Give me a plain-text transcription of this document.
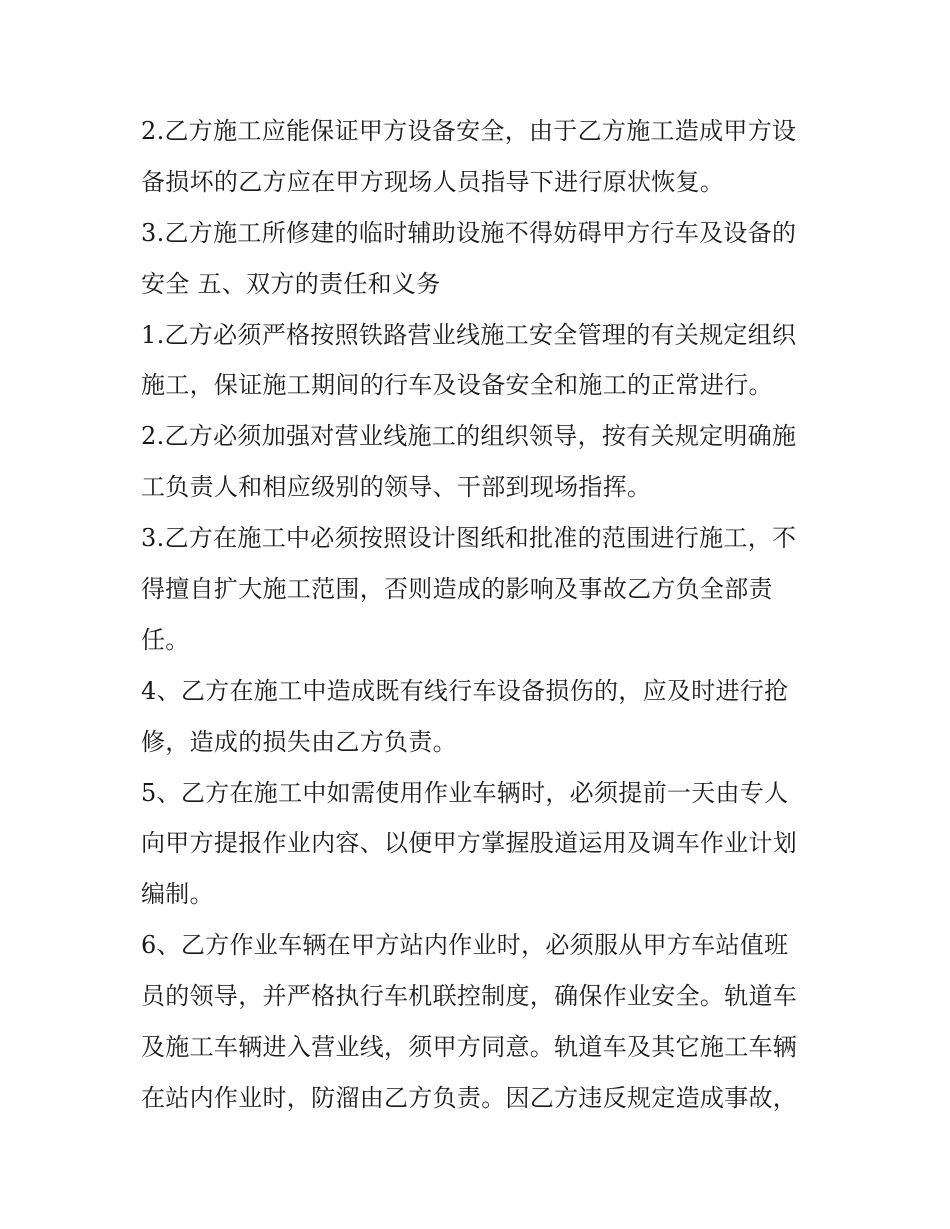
2.乙方施工应能保证甲方设备安全，由于乙方施工造成甲方设
备损坏的乙方应在甲方现场人员指导下进行原状恢复。
3.乙方施工所修建的临时辅助设施不得妨碍甲方行车及设备的
安全 五、双方的责任和义务
1.乙方必须严格按照铁路营业线施工安全管理的有关规定组织
施工，保证施工期间的行车及设备安全和施工的正常进行。
2.乙方必须加强对营业线施工的组织领导，按有关规定明确施
工负责人和相应级别的领导、干部到现场指挥。
3.乙方在施工中必须按照设计图纸和批准的范围进行施工，不
得擅自扩大施工范围，否则造成的影响及事故乙方负全部责
任。
4、乙方在施工中造成既有线行车设备损伤的，应及时进行抢
修，造成的损失由乙方负责。
5、乙方在施工中如需使用作业车辆时，必须提前一天由专人
向甲方提报作业内容、以便甲方掌握股道运用及调车作业计划
编制。
6、乙方作业车辆在甲方站内作业时，必须服从甲方车站值班
员的领导，并严格执行车机联控制度，确保作业安全。轨道车
及施工车辆进入营业线，须甲方同意。轨道车及其它施工车辆
在站内作业时，防溜由乙方负责。因乙方违反规定造成事故，
